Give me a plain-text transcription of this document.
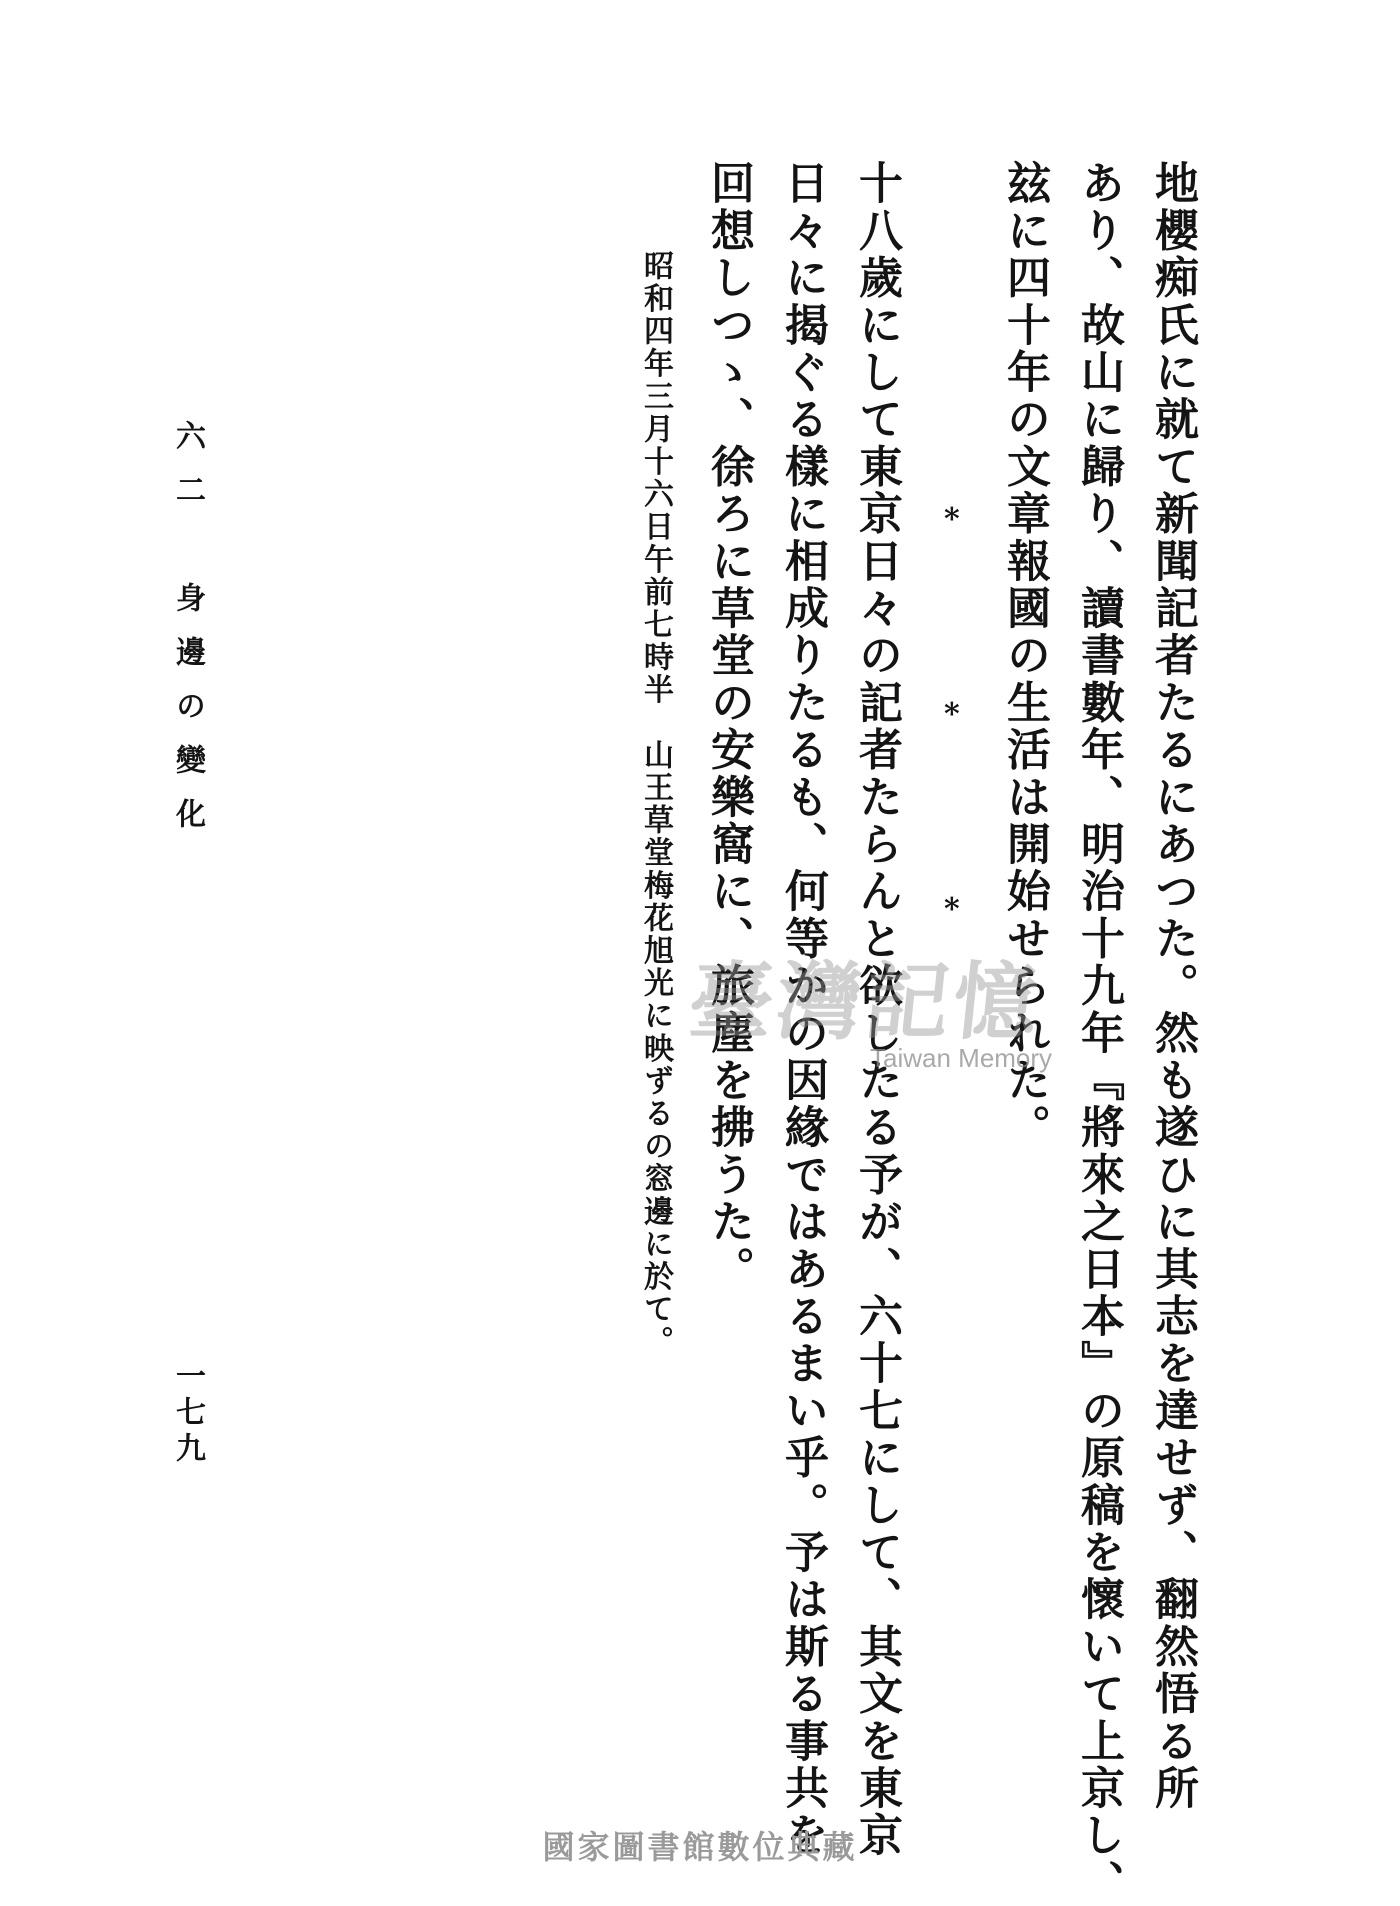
地櫻痴氏に就て新聞記者たるにあつた。然も遂ひに其志を達せず、翻然悟る所
あり、故山に歸り、讀書數年、明治十九年『將來之日本』の原稿を懷いて上京し、
玆に四十年の文章報國の生活は開始せられた。
*
*
*
十八歲にして東京日々の記者たらんと欲したる予が、六十七にして、其文を東京
日々に揭ぐる樣に相成りたるも、何等かの因緣ではあるまい乎。予は斯る事共を
回想しつゝ、徐ろに草堂の安樂窩に、旅塵を拂うた。
昭和四年三月十六日午前七時半　山王草堂梅花旭光に映ずるの窓邊に於て。
六二　身邊の變化
一七九
臺灣記憶
Taiwan Memory
國家圖書館數位典藏
